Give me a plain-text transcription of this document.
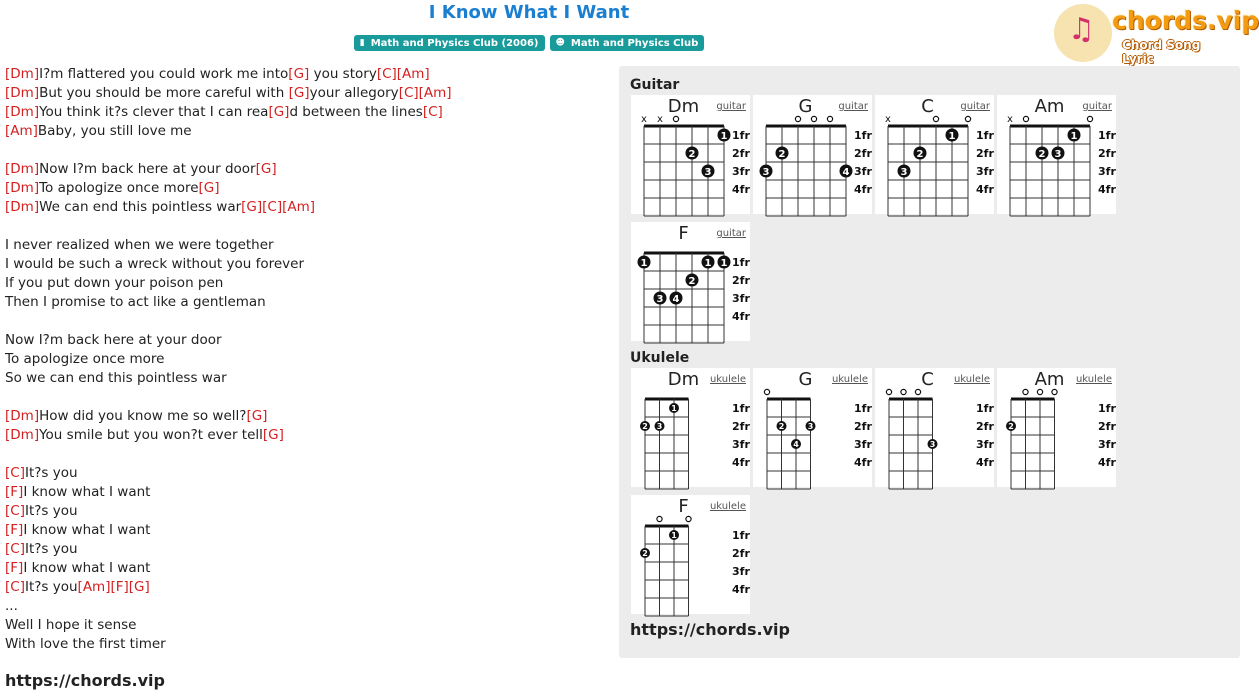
I Know What I Want
▮ Math and Physics Club (2006) ☻ Math and Physics Club	♫ chords.vip
Chord Song Lyric
[Dm]I?m flattered you could work me into[G] you story[C][Am]
[Dm]But you should be more careful with [G]your allegory[C][Am]
[Dm]You think it?s clever that I can rea[G]d between the lines[C]
[Am]Baby, you still love me
[Dm]Now I?m back here at your door[G]
[Dm]To apologize once more[G]
[Dm]We can end this pointless war[G][C][Am]
I never realized when we were together
I would be such a wreck without you forever
If you put down your poison pen
Then I promise to act like a gentleman
Now I?m back here at your door
To apologize once more
So we can end this pointless war
[Dm]How did you know me so well?[G]
[Dm]You smile but you won?t ever tell[G]
[C]It?s you
[F]I know what I want
[C]It?s you
[F]I know what I want
[C]It?s you
[F]I know what I want
[C]It?s you[Am][F][G]
...
Well I hope it sense
With love the first timer
https://chords.vip
Guitar
Dm	guitar
x x
1
2
3
1fr
2fr
3fr
4fr
G	guitar
2
3	4
1fr
2fr
3fr
4fr
C	guitar
x
1
2
3
1fr
2fr
3fr
4fr
Am	guitar
x
1
2 3
1fr
2fr
3fr
4fr
F	guitar
1	1 1
2
3 4
1fr
2fr
3fr
4fr
Ukulele
Dm	ukulele
1
2 3
1fr
2fr
3fr
4fr
G	ukulele
2	3
4
1fr
2fr
3fr
4fr
C	ukulele
3
1fr
2fr
3fr
4fr
Am	ukulele
2
1fr
2fr
3fr
4fr
F	ukulele
1
2
1fr
2fr
3fr
4fr
https://chords.vip
